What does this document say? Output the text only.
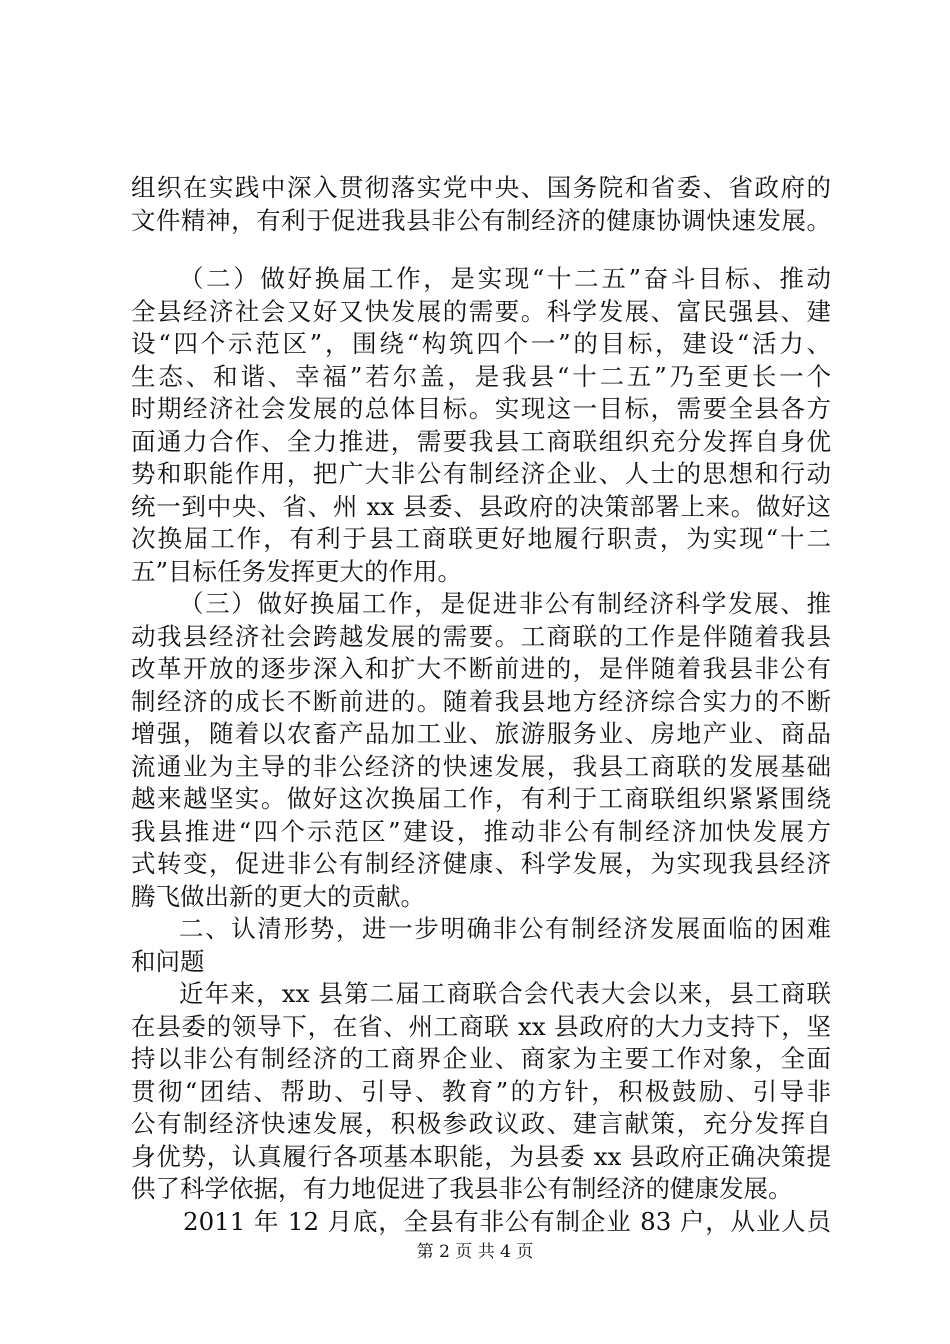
组织在实践中深入贯彻落实党中央、国务院和省委、省政府的
文件精神，有利于促进我县非公有制经济的健康协调快速发展。
（二）做好换届工作，是实现“十二五”奋斗目标、推动
全县经济社会又好又快发展的需要。科学发展、富民强县、建
设“四个示范区”，围绕“构筑四个一”的目标，建设“活力、
生态、和谐、幸福”若尔盖，是我县“十二五”乃至更长一个
时期经济社会发展的总体目标。实现这一目标，需要全县各方
面通力合作、全力推进，需要我县工商联组织充分发挥自身优
势和职能作用，把广大非公有制经济企业、人士的思想和行动
统一到中央、省、州 xx 县委、县政府的决策部署上来。做好这
次换届工作，有利于县工商联更好地履行职责，为实现“十二
五”目标任务发挥更大的作用。
（三）做好换届工作，是促进非公有制经济科学发展、推
动我县经济社会跨越发展的需要。工商联的工作是伴随着我县
改革开放的逐步深入和扩大不断前进的，是伴随着我县非公有
制经济的成长不断前进的。随着我县地方经济综合实力的不断
增强，随着以农畜产品加工业、旅游服务业、房地产业、商品
流通业为主导的非公经济的快速发展，我县工商联的发展基础
越来越坚实。做好这次换届工作，有利于工商联组织紧紧围绕
我县推进“四个示范区”建设，推动非公有制经济加快发展方
式转变，促进非公有制经济健康、科学发展，为实现我县经济
腾飞做出新的更大的贡献。
二、认清形势，进一步明确非公有制经济发展面临的困难
和问题
近年来，xx 县第二届工商联合会代表大会以来，县工商联
在县委的领导下，在省、州工商联 xx 县政府的大力支持下，坚
持以非公有制经济的工商界企业、商家为主要工作对象，全面
贯彻“团结、帮助、引导、教育”的方针，积极鼓励、引导非
公有制经济快速发展，积极参政议政、建言献策，充分发挥自
身优势，认真履行各项基本职能，为县委 xx 县政府正确决策提
供了科学依据，有力地促进了我县非公有制经济的健康发展。
2011 年 12 月底，全县有非公有制企业 83 户，从业人员
第 2 页 共 4 页
